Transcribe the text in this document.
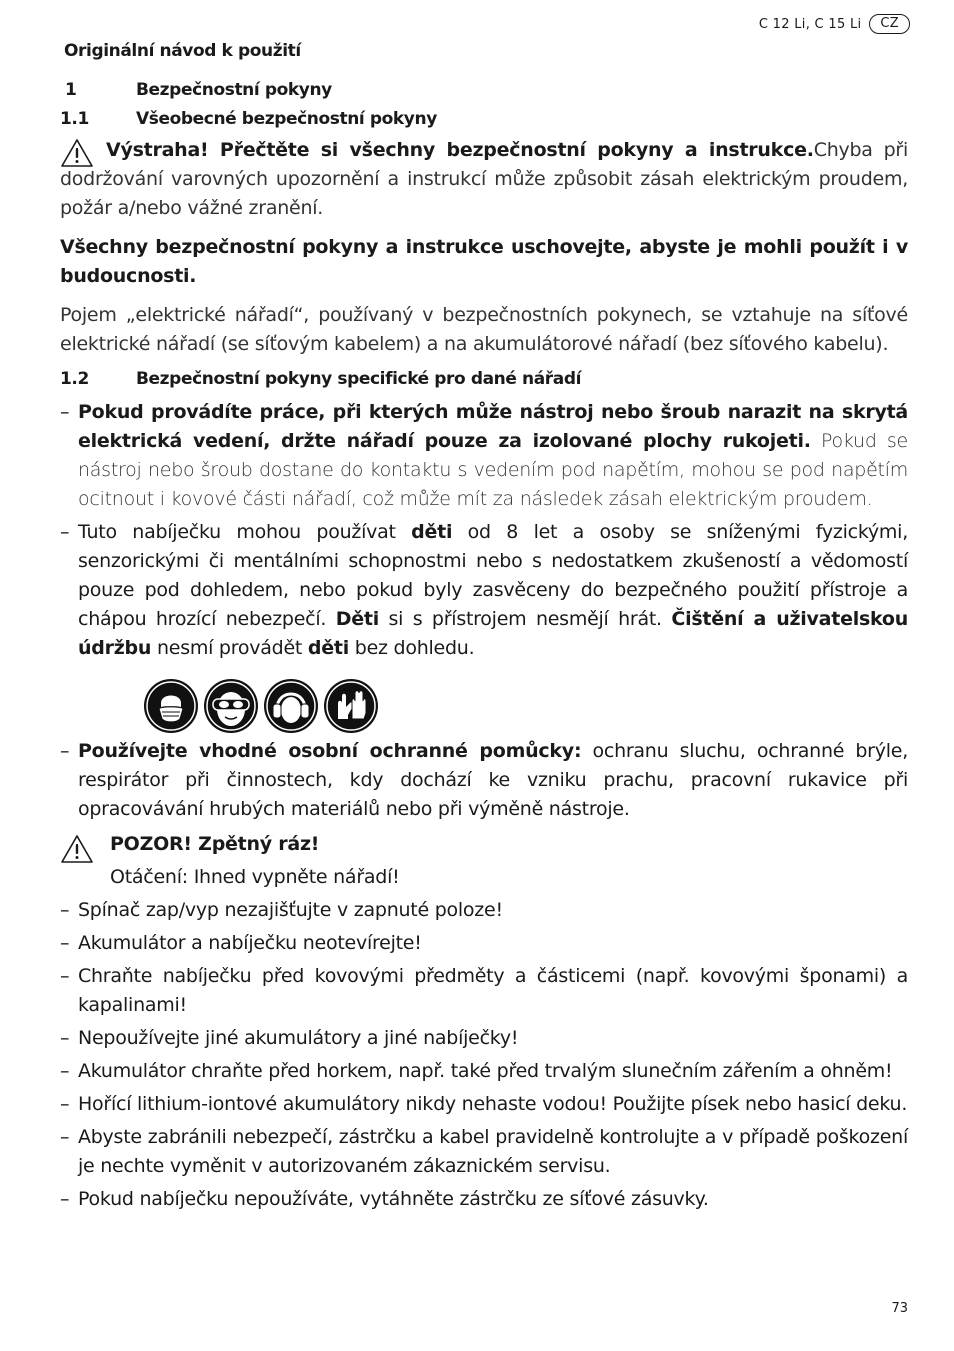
C 12 Li, C 15 Li	CZ
Originální návod k použití
1	Bezpečnostní pokyny
1.1	Všeobecné bezpečnostní pokyny

Výstraha! Přečtěte si všechny bezpečnostní pokyny a instrukce.Chyba při dodržování varovných upozornění a instrukcí může způsobit zásah elektrickým proudem, požár a/nebo vážné zranění.

Všechny bezpečnostní pokyny a instrukce uschovejte, abyste je mohli použít i v budoucnosti.

Pojem „elektrické nářadí“, používaný v bezpečnostních pokynech, se vztahuje na síťové elektrické nářadí (se síťovým kabelem) a na akumulátorové nářadí (bez síťového kabelu).

1.2	Bezpečnostní pokyny specifické pro dané nářadí
– Pokud provádíte práce, při kterých může nástroj nebo šroub narazit na skrytá elektrická vedení, držte nářadí pouze za izolované plochy rukojeti. Pokud se nástroj nebo šroub dostane do kontaktu s vedením pod napětím, mohou se pod napětím ocitnout i kovové části nářadí, což může mít za následek zásah elektrickým proudem.
– Tuto nabíječku mohou používat děti od 8 let a osoby se sníženými fyzickými, senzorickými či mentálními schopnostmi nebo s nedostatkem zkušeností a vědomostí pouze pod dohledem, nebo pokud byly zasvěceny do bezpečného použití přístroje a chápou hrozící nebezpečí. Děti si s přístrojem nesmějí hrát. Čištění a uživatelskou údržbu nesmí provádět děti bez dohledu.
– Používejte vhodné osobní ochranné pomůcky: ochranu sluchu, ochranné brýle, respirátor při činnostech, kdy dochází ke vzniku prachu, pracovní rukavice při opracovávání hrubých materiálů nebo při výměně nástroje.
POZOR! Zpětný ráz!
Otáčení: Ihned vypněte nářadí!
– Spínač zap/vyp nezajišťujte v zapnuté poloze!
– Akumulátor a nabíječku neotevírejte!
– Chraňte nabíječku před kovovými předměty a částicemi (např. kovovými šponami) a kapalinami!
– Nepoužívejte jiné akumulátory a jiné nabíječky!
– Akumulátor chraňte před horkem, např. také před trvalým slunečním zářením a ohněm!
– Hořící lithium-iontové akumulátory nikdy nehaste vodou! Použijte písek nebo hasicí deku.
– Abyste zabránili nebezpečí, zástrčku a kabel pravidelně kontrolujte a v případě poškození je nechte vyměnit v autorizovaném zákaznickém servisu.
– Pokud nabíječku nepoužíváte, vytáhněte zástrčku ze síťové zásuvky.
73
